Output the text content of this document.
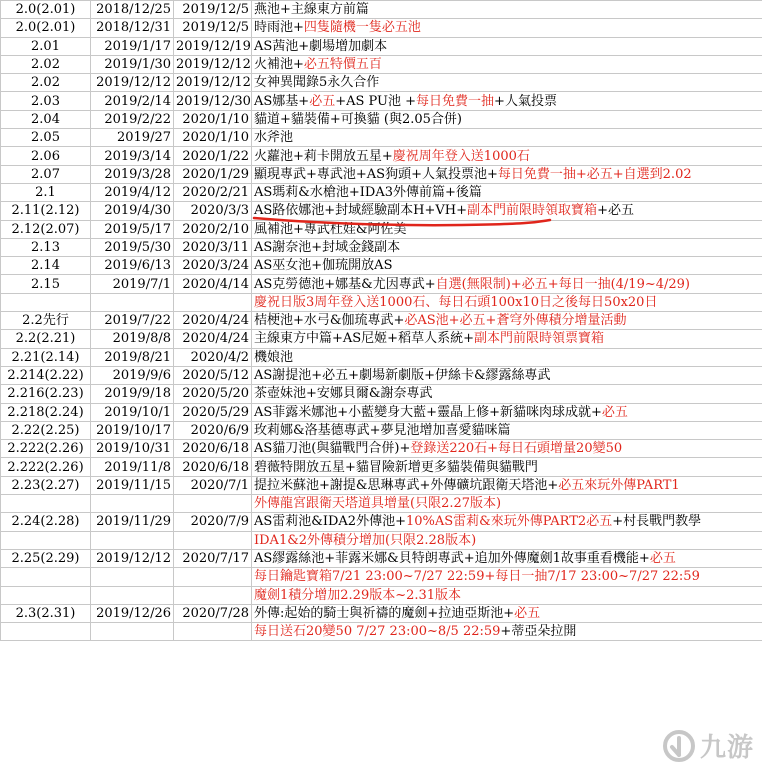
2.0(2.01)	2018/12/25	2019/12/5	燕池+主線東方前篇
2.0(2.01)	2018/12/31	2019/12/5	時雨池+四隻隨機一隻必五池
2.01	2019/1/17	2019/12/19	AS茜池+劇場增加劇本
2.02	2019/1/30	2019/12/12	火補池+必五特價五百
2.02	2019/12/12	2019/12/12	女神異聞錄5永久合作
2.03	2019/2/14	2019/12/30	AS娜基+必五+AS PU池 +每日免費一抽+人氣投票
2.04	2019/2/22	2020/1/10	貓道+貓裝備+可換貓 (與2.05合併)
2.05	2019/27	2020/1/10	水斧池
2.06	2019/3/14	2020/1/22	火蘿池+莉卡開放五星+慶祝周年登入送1000石
2.07	2019/3/28	2020/1/29	顯現專武+專武池+AS狗頭+人氣投票池+每日免費一抽+必五+自選到2.02
2.1	2019/4/12	2020/2/21	AS瑪莉&水槍池+IDA3外傳前篇+後篇
2.11(2.12)	2019/4/30	2020/3/3	AS路依娜池+封域經驗副本H+VH+副本門前限時領取寶箱+必五
2.12(2.07)	2019/5/17	2020/2/10	風補池+專武杜娃&阿佐美
2.13	2019/5/30	2020/3/11	AS謝奈池+封域金錢副本
2.14	2019/6/13	2020/3/24	AS巫女池+伽琉開放AS
2.15	2019/7/1	2020/4/14	AS克勞德池+娜基&尤因專武+自選(無限制)+必五+每日一抽(4/19~4/29)
			慶祝日版3周年登入送1000石、每日石頭100x10日之後每日50x20日
2.2先行	2019/7/22	2020/4/24	桔梗池+水弓&伽琉專武+必AS池+必五+蒼穹外傳積分增量活動
2.2(2.21)	2019/8/8	2020/4/24	主線東方中篇+AS尼姬+稻草人系統+副本門前限時領票寶箱
2.21(2.14)	2019/8/21	2020/4/2	機娘池
2.214(2.22)	2019/9/6	2020/5/12	AS謝提池+必五+劇場新劇版+伊絲卡&繆露絲專武
2.216(2.23)	2019/9/18	2020/5/20	茶壺妹池+安娜貝爾&謝奈專武
2.218(2.24)	2019/10/1	2020/5/29	AS菲露米娜池+小藍變身大藍+靈晶上修+新貓咪肉球成就+必五
2.22(2.25)	2019/10/17	2020/6/9	玫莉娜&洛基德專武+夢見池增加喜愛貓咪篇
2.222(2.26)	2019/10/31	2020/6/18	AS貓刀池(與貓戰門合併)+登錄送220石+每日石頭增量20變50
2.222(2.26)	2019/11/8	2020/6/18	碧薇特開放五星+貓冒險新增更多貓裝備與貓戰門
2.23(2.27)	2019/11/15	2020/7/1	提拉米蘇池+謝提&思琳專武+外傳礦坑跟衛天塔池+必五來玩外傳PART1
			外傳龍宮跟衛天塔道具增量(只限2.27版本)
2.24(2.28)	2019/11/29	2020/7/9	AS雷莉池&IDA2外傳池+10%AS雷莉&來玩外傳PART2必五+村長戰門教學
			IDA1&2外傳積分增加(只限2.28版本)
2.25(2.29)	2019/12/12	2020/7/17	AS繆露絲池+菲露米娜&貝特朗專武+追加外傳魔劍1故事重看機能+必五
			每日鑰匙寶箱7/21 23:00~7/27 22:59+每日一抽7/17 23:00~7/27 22:59
			魔劍1積分增加2.29版本~2.31版本
2.3(2.31)	2019/12/26	2020/7/28	外傳:起始的騎士與祈禱的魔劍+拉迪亞斯池+必五
			每日送石20變50 7/27 23:00~8/5 22:59+蒂亞朵拉開
九游
